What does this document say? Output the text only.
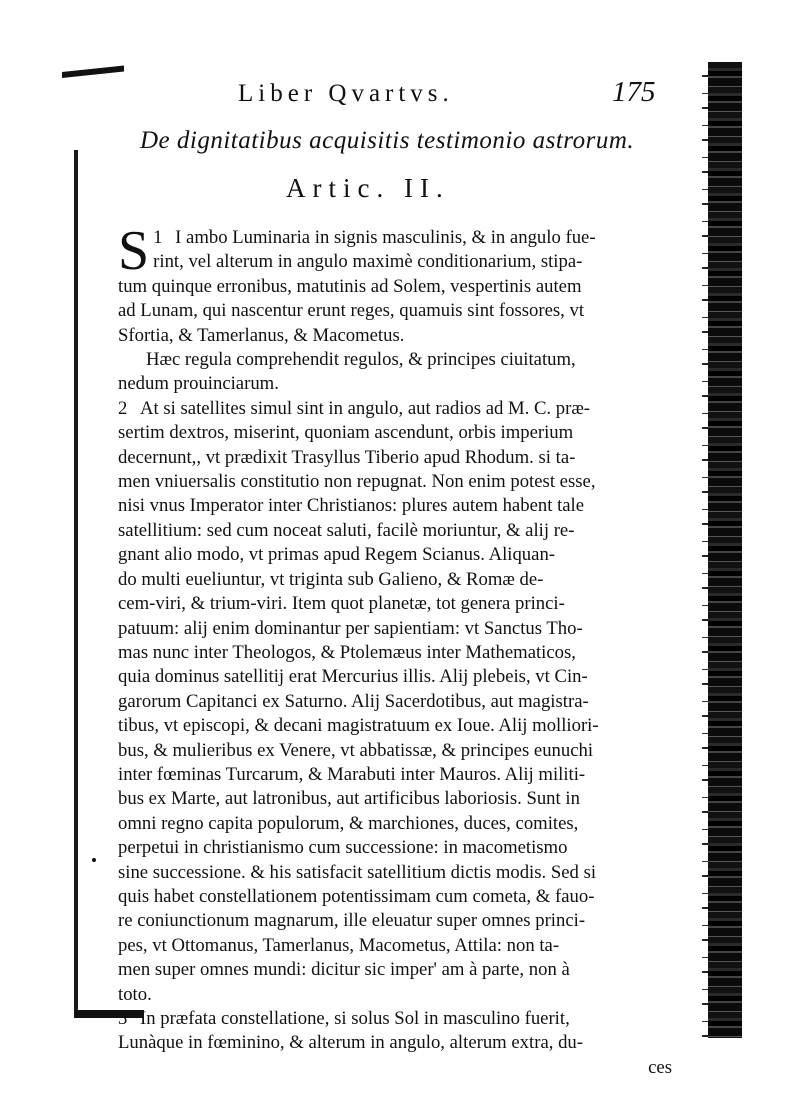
Liber Qvartvs.	175
De dignitatibus acquisitis testimonio astrorum.
Artic. II.
1
S I ambo Luminaria in signis masculinis, & in angulo fue-
rint, vel alterum in angulo maximè conditionarium, stipa-
tum quinque erronibus, matutinis ad Solem, vespertinis autem
ad Lunam, qui nascentur erunt reges, quamuis sint fossores, vt
Sfortia, & Tamerlanus, & Macometus.
Hæc regula comprehendit regulos, & principes ciuitatum,
nedum prouinciarum.
2 At si satellites simul sint in angulo, aut radios ad M. C. præ-
sertim dextros, miserint, quoniam ascendunt, orbis imperium
decernunt,, vt prædixit Trasyllus Tiberio apud Rhodum. si ta-
men vniuersalis constitutio non repugnat. Non enim potest esse,
nisi vnus Imperator inter Christianos: plures autem habent tale
satellitium: sed cum noceat saluti, facilè moriuntur, & alij re-
gnant alio modo, vt primas apud Regem Scianus. Aliquan-
do multi eueliuntur, vt triginta sub Galieno, & Romæ de-
cem-viri, & trium-viri. Item quot planetæ, tot genera princi-
patuum: alij enim dominantur per sapientiam: vt Sanctus Tho-
mas nunc inter Theologos, & Ptolemæus inter Mathematicos,
quia dominus satellitij erat Mercurius illis. Alij plebeis, vt Cin-
garorum Capitanci ex Saturno. Alij Sacerdotibus, aut magistra-
tibus, vt episcopi, & decani magistratuum ex Ioue. Alij molliori-
bus, & mulieribus ex Venere, vt abbatissæ, & principes eunuchi
inter fœminas Turcarum, & Marabuti inter Mauros. Alij militi-
bus ex Marte, aut latronibus, aut artificibus laboriosis. Sunt in
omni regno capita populorum, & marchiones, duces, comites,
perpetui in christianismo cum successione: in macometismo
sine successione. & his satisfacit satellitium dictis modis. Sed si
quis habet constellationem potentissimam cum cometa, & fauo-
re coniunctionum magnarum, ille eleuatur super omnes princi-
pes, vt Ottomanus, Tamerlanus, Macometus, Attila: non ta-
men super omnes mundi: dicitur sic imper' am à parte, non à
toto.
3 In præfata constellatione, si solus Sol in masculino fuerit,
Lunàque in fœminino, & alterum in angulo, alterum extra, du-
ces
